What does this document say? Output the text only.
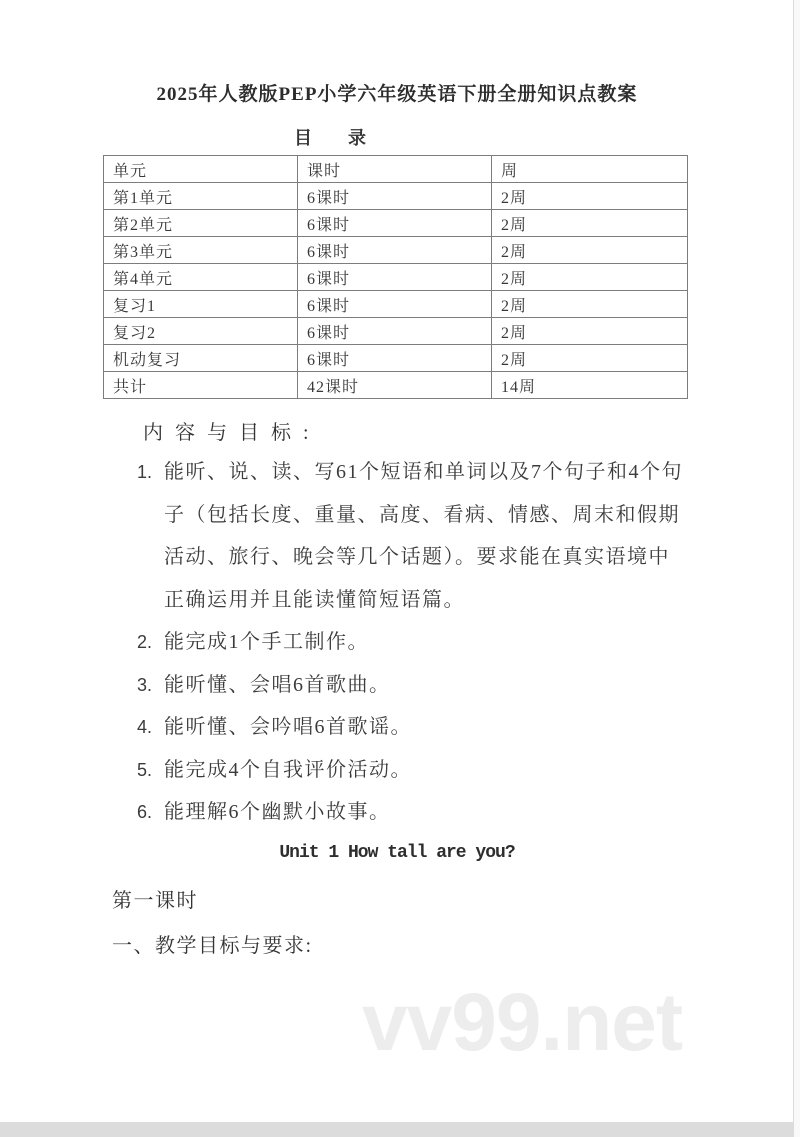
2025年人教版PEP小学六年级英语下册全册知识点教案
目　　录
单元	课时	周
第1单元	6课时	2周
第2单元	6课时	2周
第3单元	6课时	2周
第4单元	6课时	2周
复习1	6课时	2周
复习2	6课时	2周
机动复习	6课时	2周
共计	42课时	14周
内容与目标:
1. 能听、说、读、写61个短语和单词以及7个句子和4个句
子（包括长度、重量、高度、看病、情感、周末和假期
活动、旅行、晚会等几个话题）。要求能在真实语境中
正确运用并且能读懂简短语篇。
2. 能完成1个手工制作。
3. 能听懂、会唱6首歌曲。
4. 能听懂、会吟唱6首歌谣。
5. 能完成4个自我评价活动。
6. 能理解6个幽默小故事。
Unit 1 How tall are you?
第一课时
一、教学目标与要求:
vv99.net
